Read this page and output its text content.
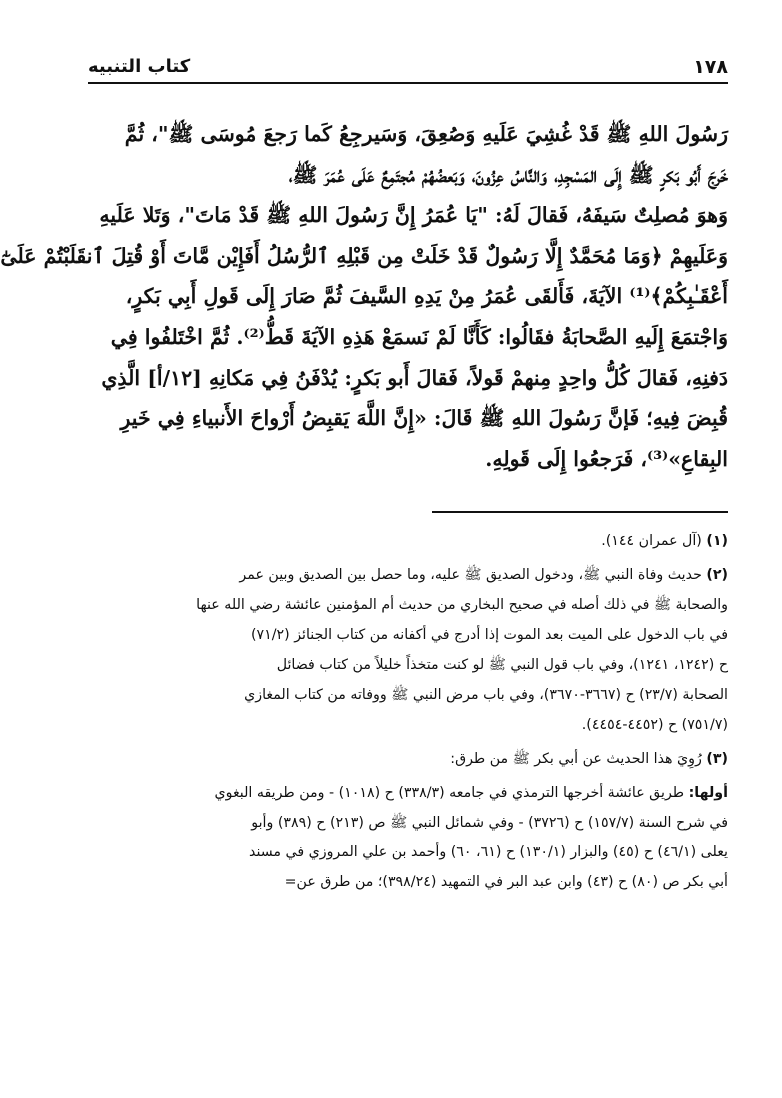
١٧٨
كتاب التنبيه
رَسُولَ اللهِ ﷺ قَدْ غُشِيَ عَلَيهِ وَصُعِقَ، وَسَيرجِعُ كَما رَجعَ مُوسَى ﷺ"، ثُمَّ
خَرجَ أَبُو بَكرٍ ﷺ إِلَى المَسْجِدِ، وَالنَّاسُ عِزُونَ، وَبَعضُهُمْ مُجتَمِعٌ عَلَى عُمَرَ ﷺ،
وَهوَ مُصلِتٌ سَيفَهُ، فَقالَ لَهُ: "يَا عُمَرُ إِنَّ رَسُولَ اللهِ ﷺ قَدْ مَاتَ"، وَتَلا عَلَيهِ
وَعَلَيهِمْ ﴿وَمَا مُحَمَّدٌ إِلَّا رَسُولٌ قَدْ خَلَتْ مِن قَبْلِهِ ٱلرُّسُلُ أَفَإِيْن مَّاتَ أَوْ قُتِلَ ٱنقَلَبْتُمْ عَلَىٰٓ
أَعْقَـٰبِكُمْ﴾⁽¹⁾ الآيَةَ، فَأَلقَى عُمَرُ مِنْ يَدِهِ السَّيفَ ثُمَّ صَارَ إِلَى قَولِ أَبِي بَكرٍ،
وَاجْتمَعَ إِلَيهِ الصَّحابَةُ فقَالُوا: كَأَنَّا لَمْ نَسمَعْ هَذِهِ الآيَةَ قَطُّ⁽²⁾. ثُمَّ اخْتَلفُوا فِي
دَفنِهِ، فَقالَ كُلُّ واحِدٍ مِنهمْ قَولاً، فَقالَ أَبو بَكرٍ: يُدْفَنُ فِي مَكانِهِ [١٢/أ] الَّذِي
قُبِضَ فِيهِ؛ فَإنَّ رَسُولَ اللهِ ﷺ قَالَ: «إِنَّ اللَّهَ يَقبِضُ أَرْواحَ الأَنبياءِ فِي خَيرِ
البِقاعِ»⁽³⁾، فَرَجعُوا إِلَى قَولِهِ.
(١) (آل عمران ١٤٤).
(٢) حديث وفاة النبي ﷺ، ودخول الصديق ﷺ عليه، وما حصل بين الصديق وبين عمر
والصحابة ﷺ في ذلك أصله في صحيح البخاري من حديث أم المؤمنين عائشة رضي الله عنها
في باب الدخول على الميت بعد الموت إذا أدرج في أكفانه من كتاب الجنائز (٧١/٢)
ح (١٢٤٢، ١٢٤١)، وفي باب قول النبي ﷺ لو كنت متخذاً خليلاً من كتاب فضائل
الصحابة (٢٣/٧) ح (٣٦٦٧-٣٦٧٠)، وفي باب مرض النبي ﷺ ووفاته من كتاب المغازي
(٧٥١/٧) ح (٤٤٥٢-٤٤٥٤).
(٣) رُوِيَ هذا الحديث عن أبي بكر ﷺ من طرق:
أولها: طريق عائشة أخرجها الترمذي في جامعه (٣٣٨/٣) ح (١٠١٨) - ومن طريقه البغوي
في شرح السنة (١٥٧/٧) ح (٣٧٢٦) - وفي شمائل النبي ﷺ ص (٢١٣) ح (٣٨٩) وأبو
يعلى (٤٦/١) ح (٤٥) والبزار (١٣٠/١) ح (٦١، ٦٠) وأحمد بن علي المروزي في مسند
أبي بكر ص (٨٠) ح (٤٣) وابن عبد البر في التمهيد (٣٩٨/٢٤)؛ من طرق عن=
